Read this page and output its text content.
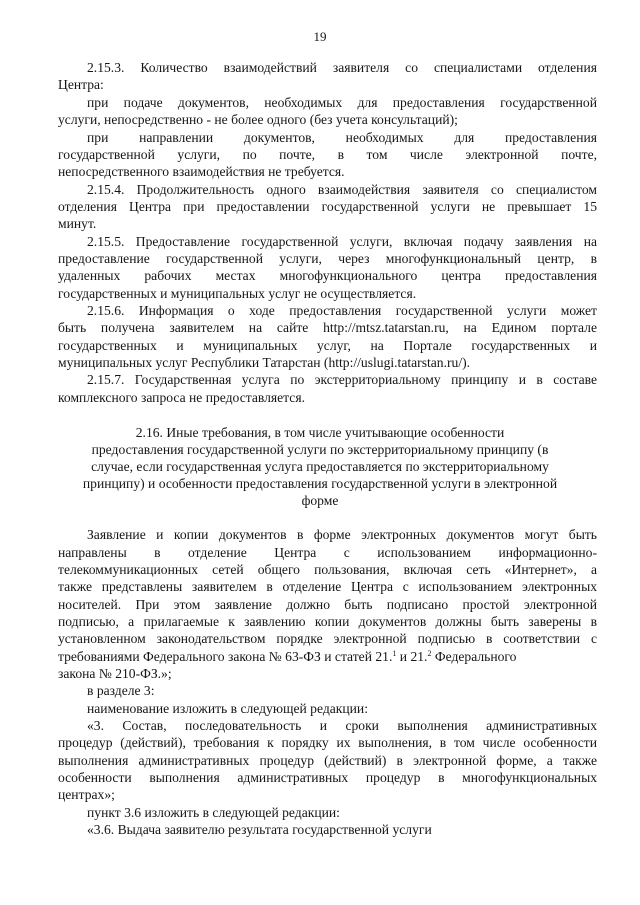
19
2.15.3. Количество взаимодействий заявителя со специалистами отделения
Центра:
при подаче документов, необходимых для предоставления государственной
услуги, непосредственно - не более одного (без учета консультаций);
при направлении документов, необходимых для предоставления
государственной услуги, по почте, в том числе электронной почте,
непосредственного взаимодействия не требуется.
2.15.4. Продолжительность одного взаимодействия заявителя со специалистом
отделения Центра при предоставлении государственной услуги не превышает 15
минут.
2.15.5. Предоставление государственной услуги, включая подачу заявления на
предоставление государственной услуги, через многофункциональный центр, в
удаленных рабочих местах многофункционального центра предоставления
государственных и муниципальных услуг не осуществляется.
2.15.6. Информация о ходе предоставления государственной услуги может
быть получена заявителем на сайте http://mtsz.tatarstan.ru, на Едином портале
государственных и муниципальных услуг, на Портале государственных и
муниципальных услуг Республики Татарстан (http://uslugi.tatarstan.ru/).
2.15.7. Государственная услуга по экстерриториальному принципу и в составе
комплексного запроса не предоставляется.
2.16. Иные требования, в том числе учитывающие особенности
предоставления государственной услуги по экстерриториальному принципу (в
случае, если государственная услуга предоставляется по экстерриториальному
принципу) и особенности предоставления государственной услуги в электронной
форме
Заявление и копии документов в форме электронных документов могут быть
направлены в отделение Центра с использованием информационно-
телекоммуникационных сетей общего пользования, включая сеть «Интернет», а
также представлены заявителем в отделение Центра с использованием электронных
носителей. При этом заявление должно быть подписано простой электронной
подписью, а прилагаемые к заявлению копии документов должны быть заверены в
установленном законодательством порядке электронной подписью в соответствии с
требованиями Федерального закона № 63-ФЗ и статей 21.$^1$ и 21.$^2$ Федерального
закона № 210-ФЗ.»;
в разделе 3:
наименование изложить в следующей редакции:
«3. Состав, последовательность и сроки выполнения административных
процедур (действий), требования к порядку их выполнения, в том числе особенности
выполнения административных процедур (действий) в электронной форме, а также
особенности выполнения административных процедур в многофункциональных
центрах»;
пункт 3.6 изложить в следующей редакции:
«3.6. Выдача заявителю результата государственной услуги
